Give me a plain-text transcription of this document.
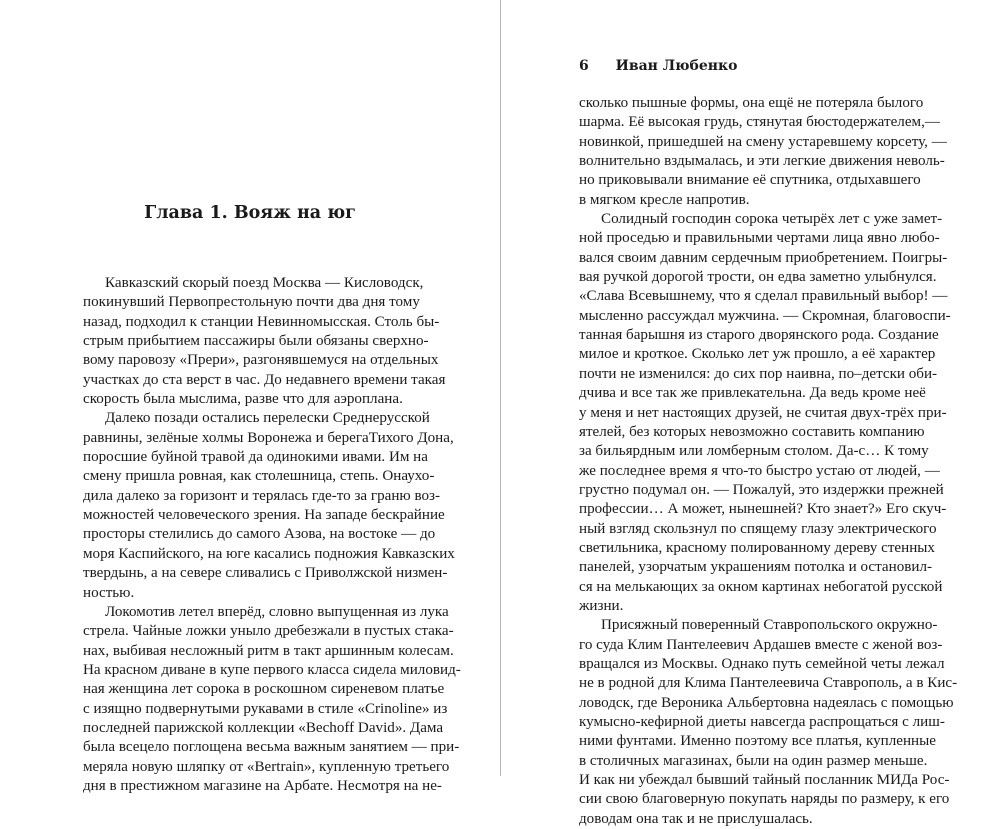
Глава 1. Вояж на юг
Кавказский скорый поезд Москва — Кисловодск,
покинувший Первопрестольную почти два дня тому
назад, подходил к станции Невинномысская. Столь бы-
стрым прибытием пассажиры были обязаны сверхно-
вому паровозу «Прери», разгонявшемуся на отдельных
участках до ста верст в час. До недавнего времени такая
скорость была мыслима, разве что для аэроплана.
Далеко позади остались перелески Среднерусской
равнины, зелёные холмы Воронежа и берегаТихого Дона,
поросшие буйной травой да одинокими ивами. Им на
смену пришла ровная, как столешница, степь. Онаухо-
дила далеко за горизонт и терялась где-то за граню воз-
можностей человеческого зрения. На западе бескрайние
просторы стелились до самого Азова, на востоке — до
моря Каспийского, на юге касались подножия Кавказских
твердынь, а на севере сливались с Приволжской низмен-
ностью.
Локомотив летел вперёд, словно выпущенная из лука
стрела. Чайные ложки уныло дребезжали в пустых стака-
нах, выбивая несложный ритм в такт аршинным колесам.
На красном диване в купе первого класса сидела миловид-
ная женщина лет сорока в роскошном сиреневом платье
с изящно подвернутыми рукавами в стиле «Crinoline» из
последней парижской коллекции «Bechoff David». Дама
была всецело поглощена весьма важным занятием — при-
меряла новую шляпку от «Bertrain», купленную третьего
дня в престижном магазине на Арбате. Несмотря на не-
6 Иван Любенко
сколько пышные формы, она ещё не потеряла былого
шарма. Её высокая грудь, стянутая бюстодержателем,—
новинкой, пришедшей на смену устаревшему корсету, —
волнительно вздымалась, и эти легкие движения неволь-
но приковывали внимание её спутника, отдыхавшего
в мягком кресле напротив.
Солидный господин сорока четырёх лет с уже замет-
ной проседью и правильными чертами лица явно любо-
вался своим давним сердечным приобретением. Поигры-
вая ручкой дорогой трости, он едва заметно улыбнулся.
«Слава Всевышнему, что я сделал правильный выбор! —
мысленно рассуждал мужчина. — Скромная, благовоспи-
танная барышня из старого дворянского рода. Создание
милое и кроткое. Сколько лет уж прошло, а её характер
почти не изменился: до сих пор наивна, по–детски оби-
дчива и все так же привлекательна. Да ведь кроме неё
у меня и нет настоящих друзей, не считая двух-трёх при-
ятелей, без которых невозможно составить компанию
за бильярдным или ломберным столом. Да-с… К тому
же последнее время я что-то быстро устаю от людей, —
грустно подумал он. — Пожалуй, это издержки прежней
профессии… А может, нынешней? Кто знает?» Его скуч-
ный взгляд скользнул по спящему глазу электрического
светильника, красному полированному дереву стенных
панелей, узорчатым украшениям потолка и остановил-
ся на мелькающих за окном картинах небогатой русской
жизни.
Присяжный поверенный Ставропольского окружно-
го суда Клим Пантелеевич Ардашев вместе с женой воз-
вращался из Москвы. Однако путь семейной четы лежал
не в родной для Клима Пантелеевича Ставрополь, а в Кис-
ловодск, где Вероника Альбертовна надеялась с помощью
кумысно-кефирной диеты навсегда распрощаться с лиш-
ними фунтами. Именно поэтому все платья, купленные
в столичных магазинах, были на один размер меньше.
И как ни убеждал бывший тайный посланник МИДа Рос-
сии свою благоверную покупать наряды по размеру, к его
доводам она так и не прислушалась.
